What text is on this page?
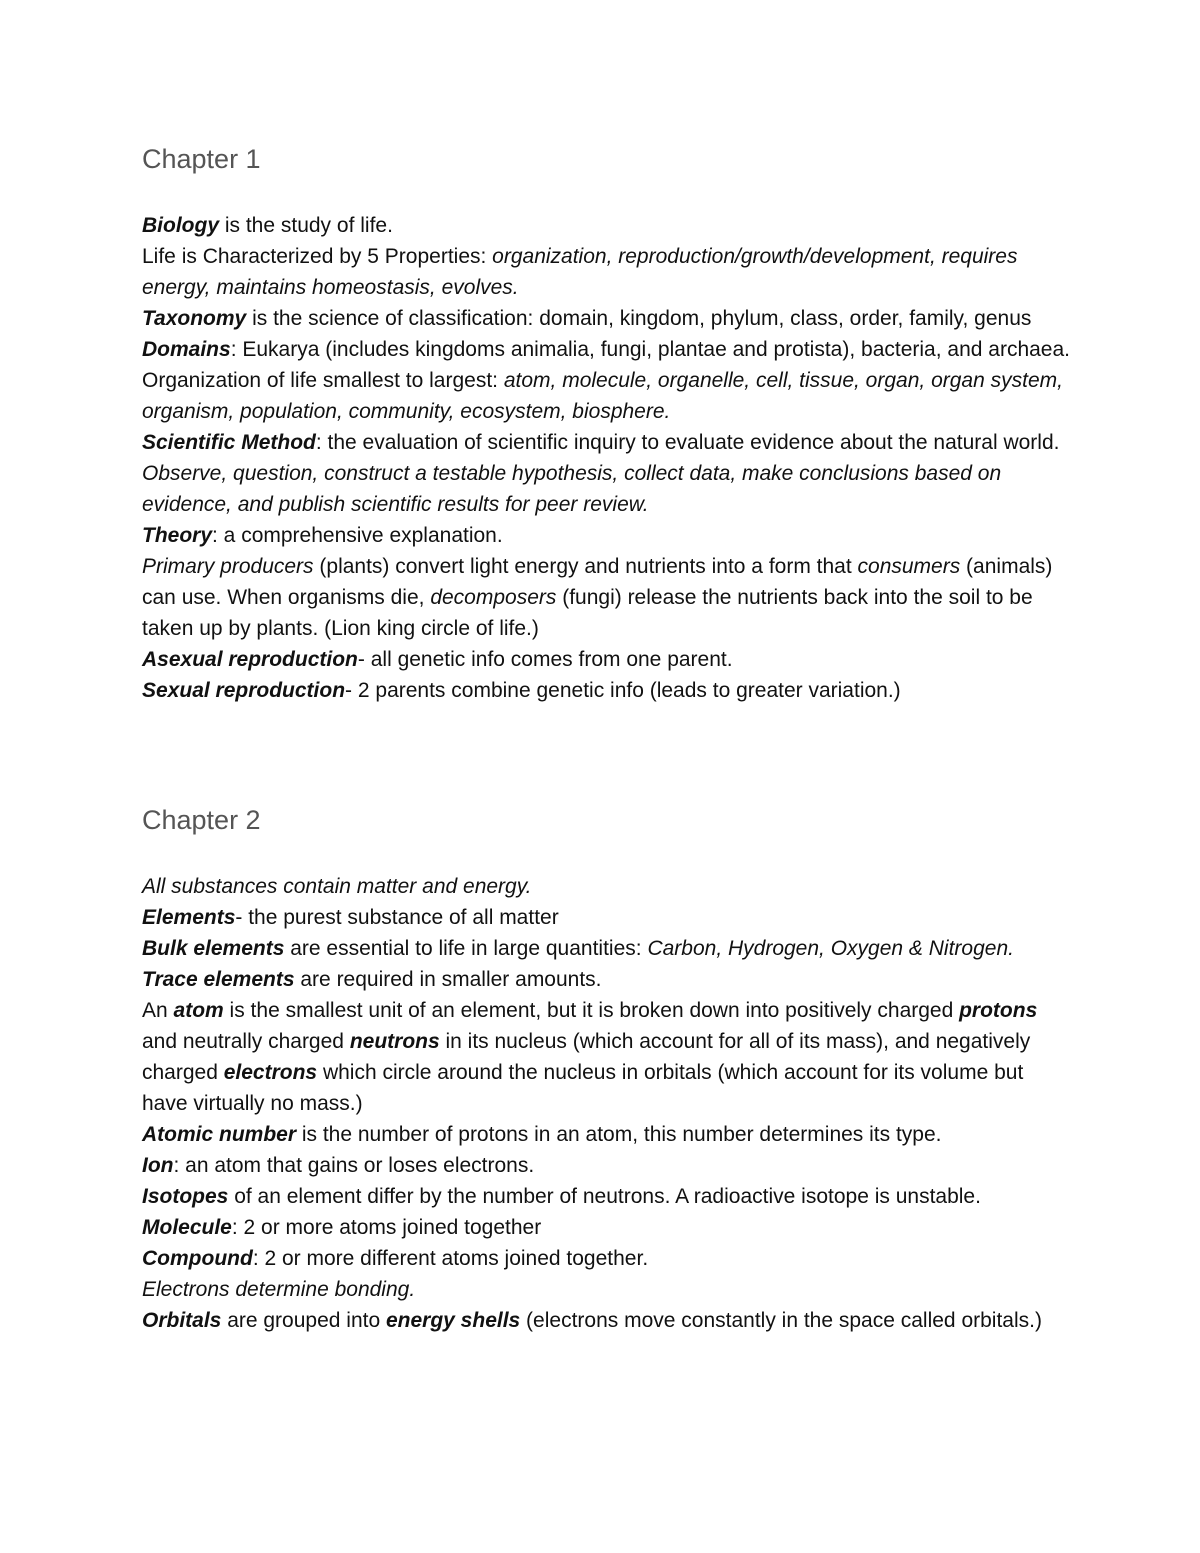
Chapter 1

Biology is the study of life.

Life is Characterized by 5 Properties: organization, reproduction/growth/development, requires energy, maintains homeostasis, evolves.

Taxonomy is the science of classification: domain, kingdom, phylum, class, order, family, genus

Domains: Eukarya (includes kingdoms animalia, fungi, plantae and protista), bacteria, and archaea.

Organization of life smallest to largest: atom, molecule, organelle, cell, tissue, organ, organ system, organism, population, community, ecosystem, biosphere.

Scientific Method: the evaluation of scientific inquiry to evaluate evidence about the natural world. Observe, question, construct a testable hypothesis, collect data, make conclusions based on evidence, and publish scientific results for peer review.

Theory: a comprehensive explanation.

Primary producers (plants) convert light energy and nutrients into a form that consumers (animals) can use. When organisms die, decomposers (fungi) release the nutrients back into the soil to be taken up by plants. (Lion king circle of life.)

Asexual reproduction- all genetic info comes from one parent.

Sexual reproduction- 2 parents combine genetic info (leads to greater variation.)

Chapter 2

All substances contain matter and energy.

Elements- the purest substance of all matter

Bulk elements are essential to life in large quantities: Carbon, Hydrogen, Oxygen & Nitrogen. Trace elements are required in smaller amounts.

An atom is the smallest unit of an element, but it is broken down into positively charged protons and neutrally charged neutrons in its nucleus (which account for all of its mass), and negatively charged electrons which circle around the nucleus in orbitals (which account for its volume but have virtually no mass.)

Atomic number is the number of protons in an atom, this number determines its type.

Ion: an atom that gains or loses electrons.

Isotopes of an element differ by the number of neutrons. A radioactive isotope is unstable.

Molecule: 2 or more atoms joined together

Compound: 2 or more different atoms joined together.

Electrons determine bonding.

Orbitals are grouped into energy shells (electrons move constantly in the space called orbitals.)
